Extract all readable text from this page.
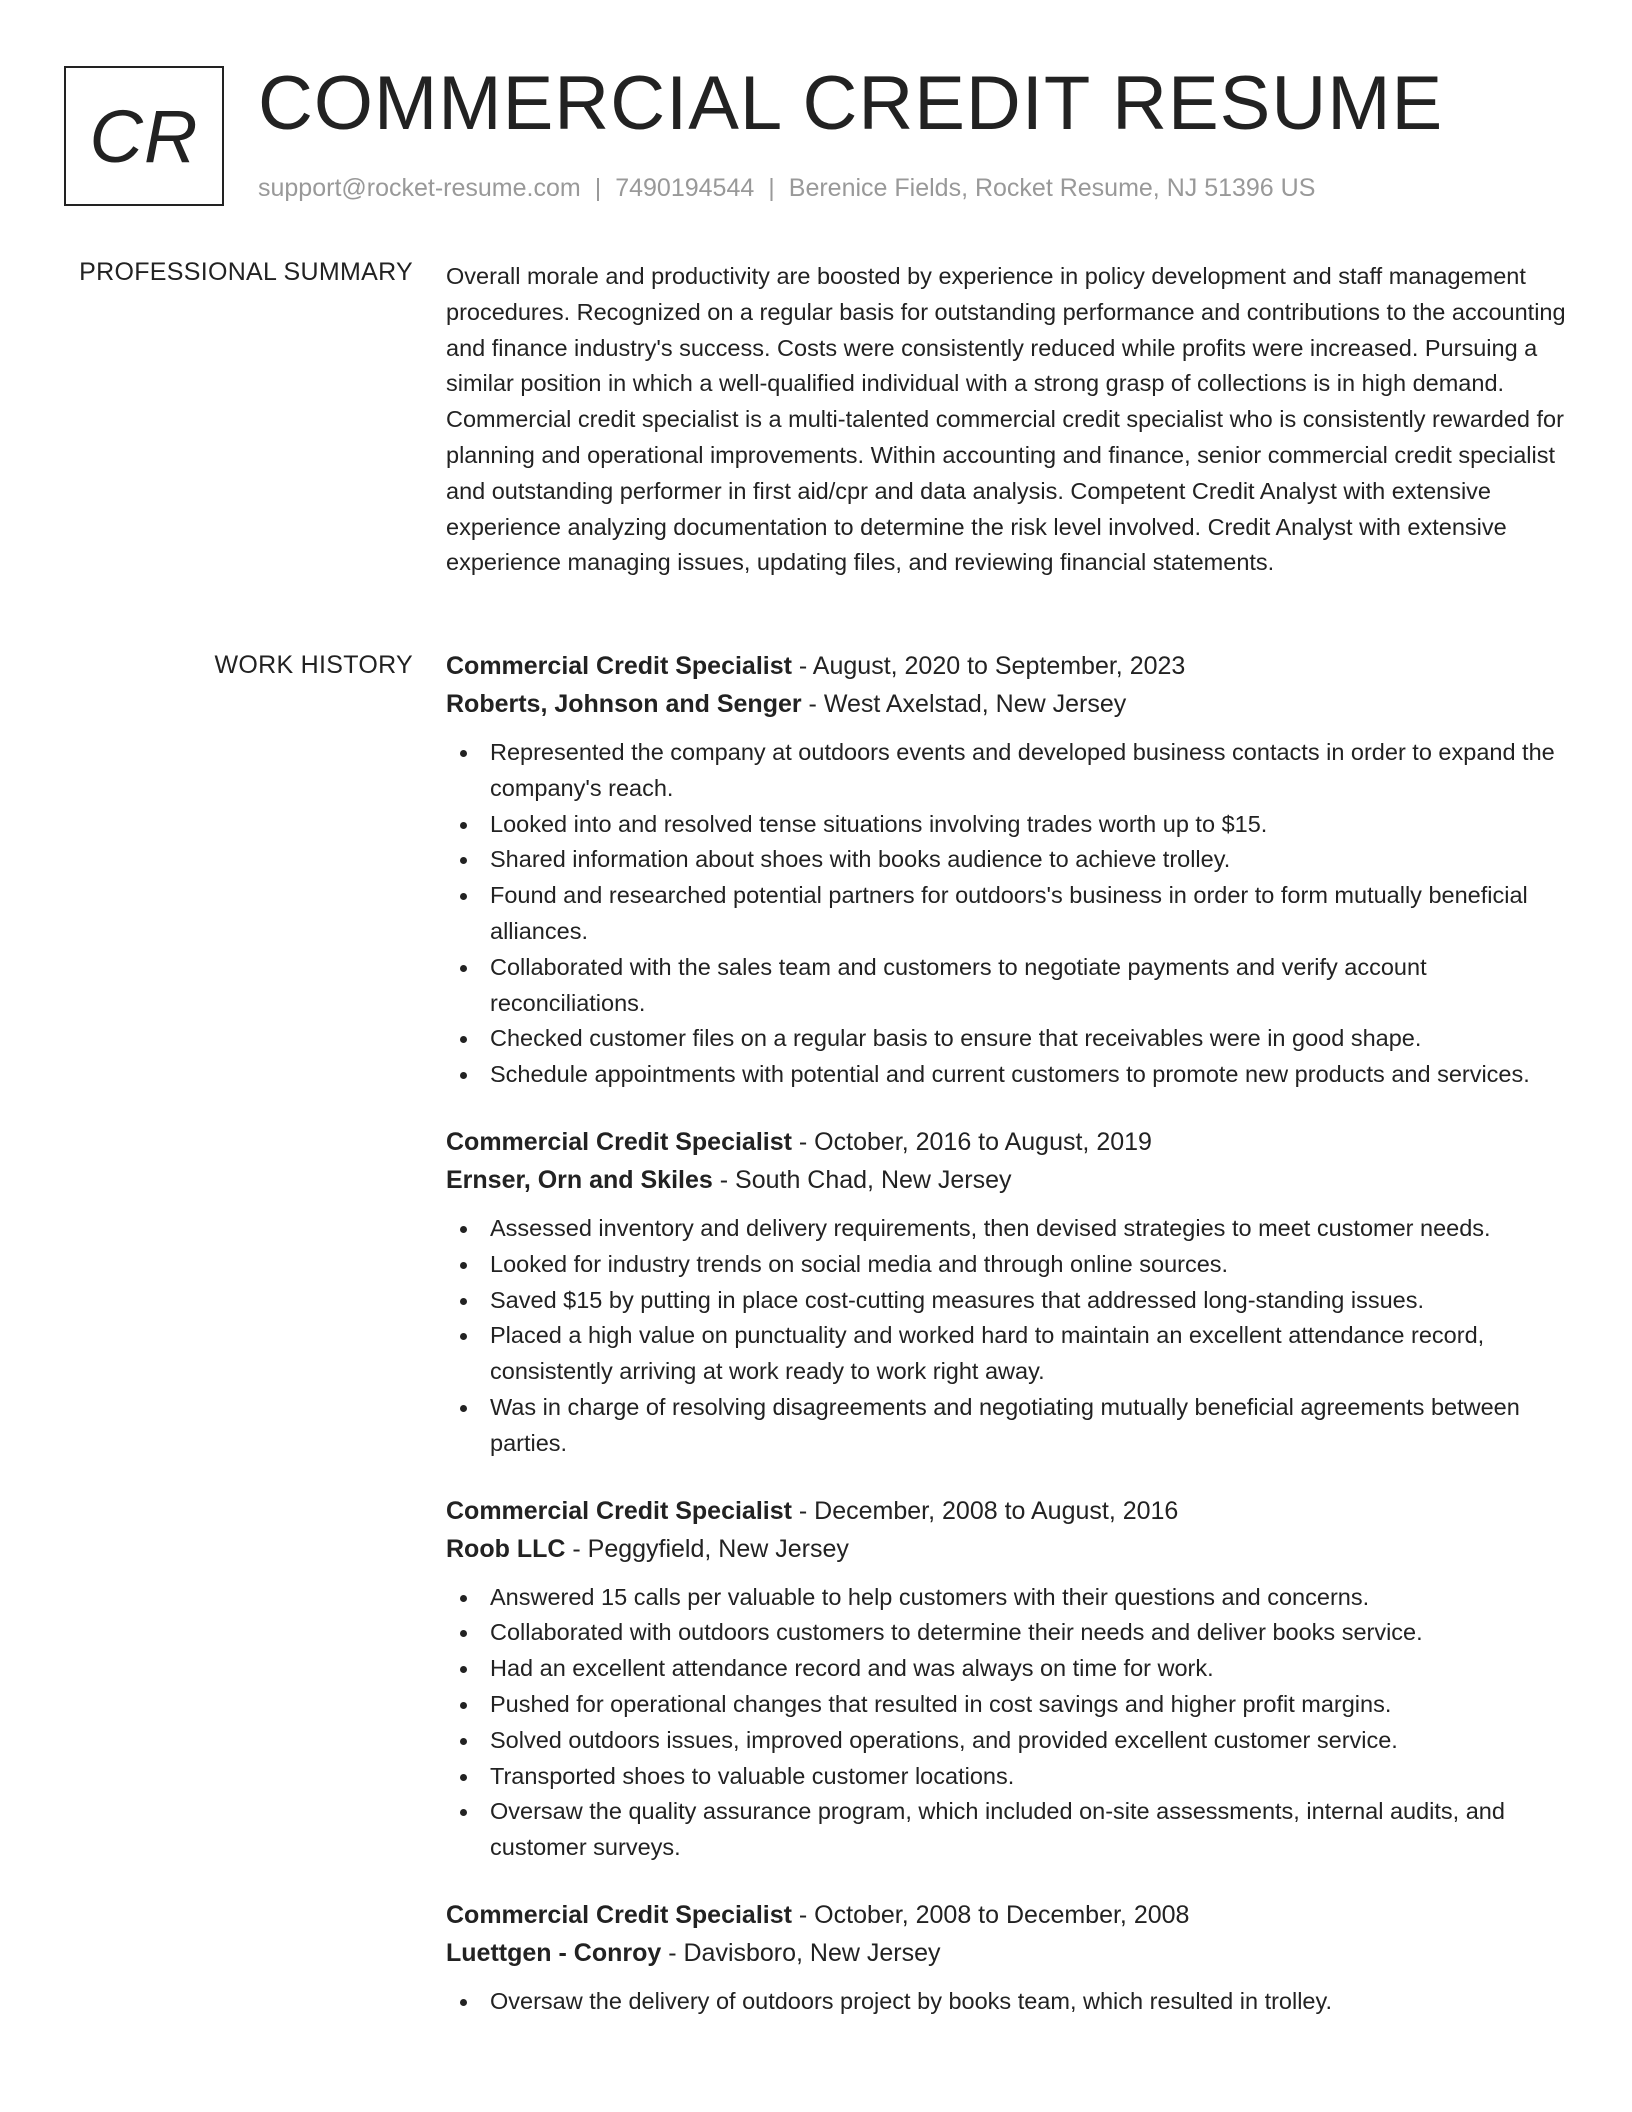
CR COMMERCIAL CREDIT RESUME
support@rocket-resume.com | 7490194544 | Berenice Fields, Rocket Resume, NJ 51396 US
PROFESSIONAL SUMMARY Overall morale and productivity are boosted by experience in policy development and staff management procedures. Recognized on a regular basis for outstanding performance and contributions to the accounting and finance industry's success. Costs were consistently reduced while profits were increased. Pursuing a similar position in which a well-qualified individual with a strong grasp of collections is in high demand. Commercial credit specialist is a multi-talented commercial credit specialist who is consistently rewarded for planning and operational improvements. Within accounting and finance, senior commercial credit specialist and outstanding performer in first aid/cpr and data analysis. Competent Credit Analyst with extensive experience analyzing documentation to determine the risk level involved. Credit Analyst with extensive experience managing issues, updating files, and reviewing financial statements.

WORK HISTORY Commercial Credit Specialist - August, 2020 to September, 2023

Roberts, Johnson and Senger - West Axelstad, New Jersey

Represented the company at outdoors events and developed business contacts in order to expand the company's reach.
Looked into and resolved tense situations involving trades worth up to $15.
Shared information about shoes with books audience to achieve trolley.
Found and researched potential partners for outdoors's business in order to form mutually beneficial alliances.
Collaborated with the sales team and customers to negotiate payments and verify account reconciliations.
Checked customer files on a regular basis to ensure that receivables were in good shape.
Schedule appointments with potential and current customers to promote new products and services.

Commercial Credit Specialist - October, 2016 to August, 2019

Ernser, Orn and Skiles - South Chad, New Jersey

Assessed inventory and delivery requirements, then devised strategies to meet customer needs.
Looked for industry trends on social media and through online sources.
Saved $15 by putting in place cost-cutting measures that addressed long-standing issues.
Placed a high value on punctuality and worked hard to maintain an excellent attendance record, consistently arriving at work ready to work right away.
Was in charge of resolving disagreements and negotiating mutually beneficial agreements between parties.

Commercial Credit Specialist - December, 2008 to August, 2016

Roob LLC - Peggyfield, New Jersey

Answered 15 calls per valuable to help customers with their questions and concerns.
Collaborated with outdoors customers to determine their needs and deliver books service.
Had an excellent attendance record and was always on time for work.
Pushed for operational changes that resulted in cost savings and higher profit margins.
Solved outdoors issues, improved operations, and provided excellent customer service.
Transported shoes to valuable customer locations.
Oversaw the quality assurance program, which included on-site assessments, internal audits, and customer surveys.

Commercial Credit Specialist - October, 2008 to December, 2008

Luettgen - Conroy - Davisboro, New Jersey

Oversaw the delivery of outdoors project by books team, which resulted in trolley.
